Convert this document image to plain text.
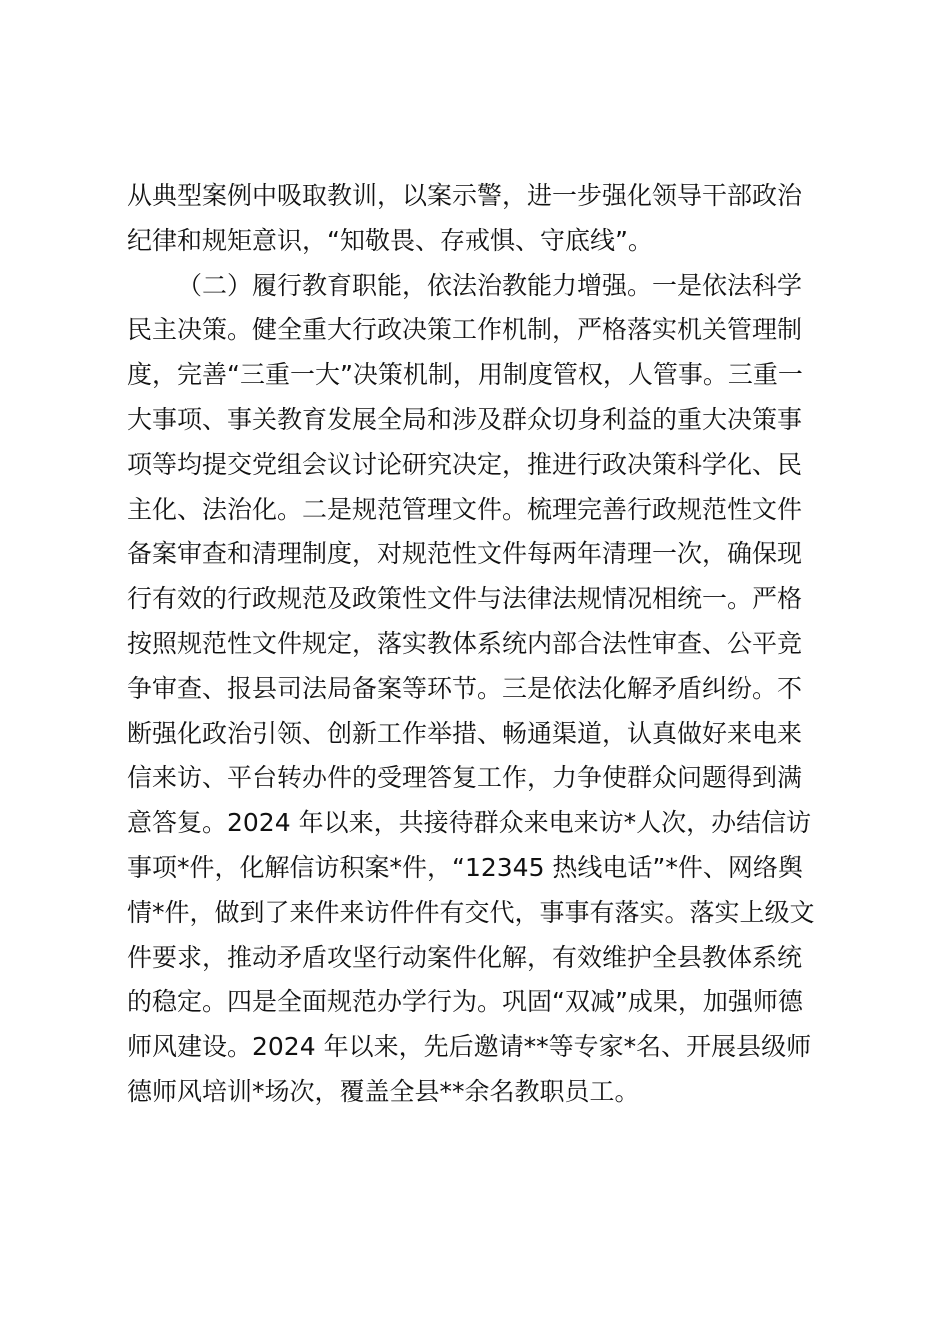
从典型案例中吸取教训，以案示警，进一步强化领导干部政治
纪律和规矩意识，“知敬畏、存戒惧、守底线”。
（二）履行教育职能，依法治教能力增强。一是依法科学
民主决策。健全重大行政决策工作机制，严格落实机关管理制
度，完善“三重一大”决策机制，用制度管权，人管事。三重一
大事项、事关教育发展全局和涉及群众切身利益的重大决策事
项等均提交党组会议讨论研究决定，推进行政决策科学化、民
主化、法治化。二是规范管理文件。梳理完善行政规范性文件
备案审查和清理制度，对规范性文件每两年清理一次，确保现
行有效的行政规范及政策性文件与法律法规情况相统一。严格
按照规范性文件规定，落实教体系统内部合法性审查、公平竞
争审查、报县司法局备案等环节。三是依法化解矛盾纠纷。不
断强化政治引领、创新工作举措、畅通渠道，认真做好来电来
信来访、平台转办件的受理答复工作，力争使群众问题得到满
意答复。2024 年以来，共接待群众来电来访*人次，办结信访
事项*件，化解信访积案*件，“12345 热线电话”*件、网络舆
情*件，做到了来件来访件件有交代，事事有落实。落实上级文
件要求，推动矛盾攻坚行动案件化解，有效维护全县教体系统
的稳定。四是全面规范办学行为。巩固“双减”成果，加强师德
师风建设。2024 年以来，先后邀请**等专家*名、开展县级师
德师风培训*场次，覆盖全县**余名教职员工。
